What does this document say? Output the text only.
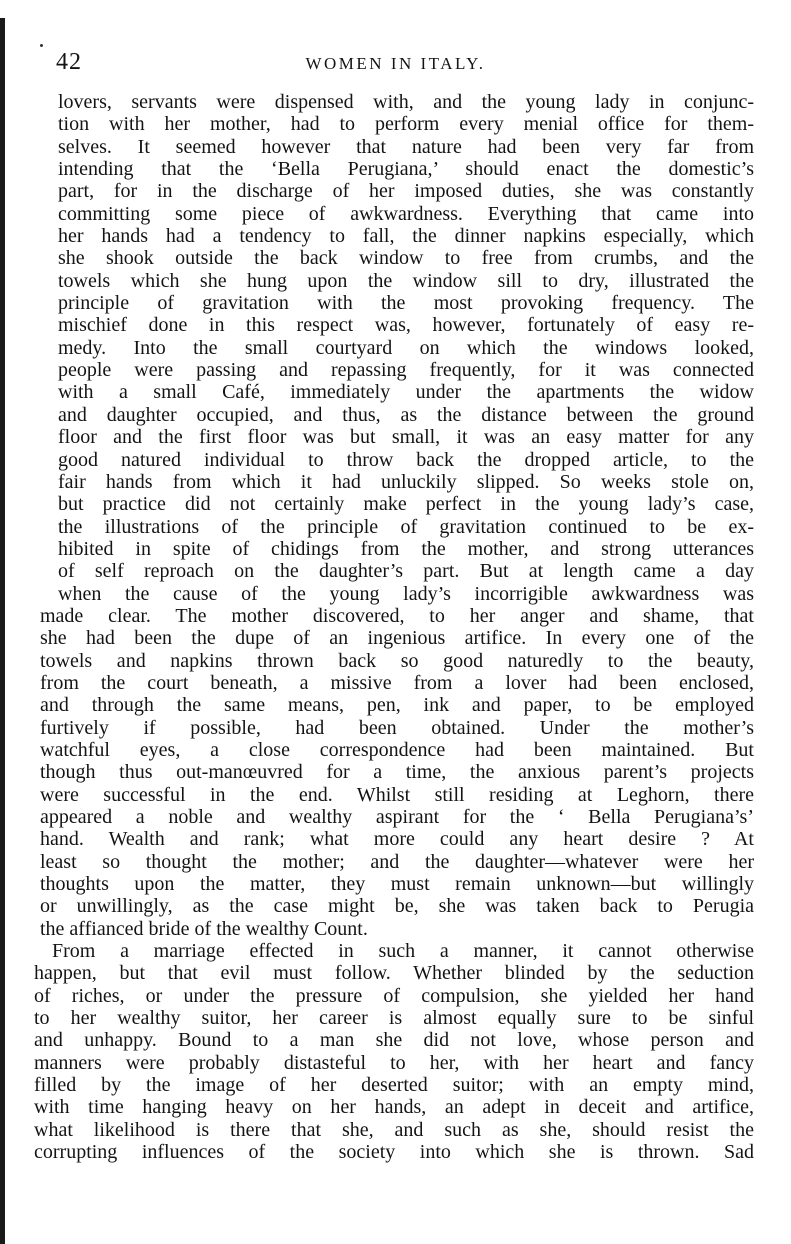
42	WOMEN IN ITALY.
lovers, servants were dispensed with, and the young lady in conjunc-
tion with her mother, had to perform every menial office for them-
selves. It seemed however that nature had been very far from
intending that the ‘Bella Perugiana,’ should enact the domestic’s
part, for in the discharge of her imposed duties, she was constantly
committing some piece of awkwardness. Everything that came into
her hands had a tendency to fall, the dinner napkins especially, which
she shook outside the back window to free from crumbs, and the
towels which she hung upon the window sill to dry, illustrated the
principle of gravitation with the most provoking frequency. The
mischief done in this respect was, however, fortunately of easy re-
medy. Into the small courtyard on which the windows looked,
people were passing and repassing frequently, for it was connected
with a small Café, immediately under the apartments the widow
and daughter occupied, and thus, as the distance between the ground
floor and the first floor was but small, it was an easy matter for any
good natured individual to throw back the dropped article, to the
fair hands from which it had unluckily slipped. So weeks stole on,
but practice did not certainly make perfect in the young lady’s case,
the illustrations of the principle of gravitation continued to be ex-
hibited in spite of chidings from the mother, and strong utterances
of self reproach on the daughter’s part. But at length came a day
when the cause of the young lady’s incorrigible awkwardness was
made clear. The mother discovered, to her anger and shame, that
she had been the dupe of an ingenious artifice. In every one of the
towels and napkins thrown back so good naturedly to the beauty,
from the court beneath, a missive from a lover had been enclosed,
and through the same means, pen, ink and paper, to be employed
furtively if possible, had been obtained. Under the mother’s
watchful eyes, a close correspondence had been maintained. But
though thus out-manœuvred for a time, the anxious parent’s projects
were successful in the end. Whilst still residing at Leghorn, there
appeared a noble and wealthy aspirant for the ‘ Bella Perugiana’s’
hand. Wealth and rank; what more could any heart desire ? At
least so thought the mother; and the daughter—whatever were her
thoughts upon the matter, they must remain unknown—but willingly
or unwillingly, as the case might be, she was taken back to Perugia
the affianced bride of the wealthy Count.
From a marriage effected in such a manner, it cannot otherwise
happen, but that evil must follow. Whether blinded by the seduction
of riches, or under the pressure of compulsion, she yielded her hand
to her wealthy suitor, her career is almost equally sure to be sinful
and unhappy. Bound to a man she did not love, whose person and
manners were probably distasteful to her, with her heart and fancy
filled by the image of her deserted suitor; with an empty mind,
with time hanging heavy on her hands, an adept in deceit and artifice,
what likelihood is there that she, and such as she, should resist the
corrupting influences of the society into which she is thrown. Sad
